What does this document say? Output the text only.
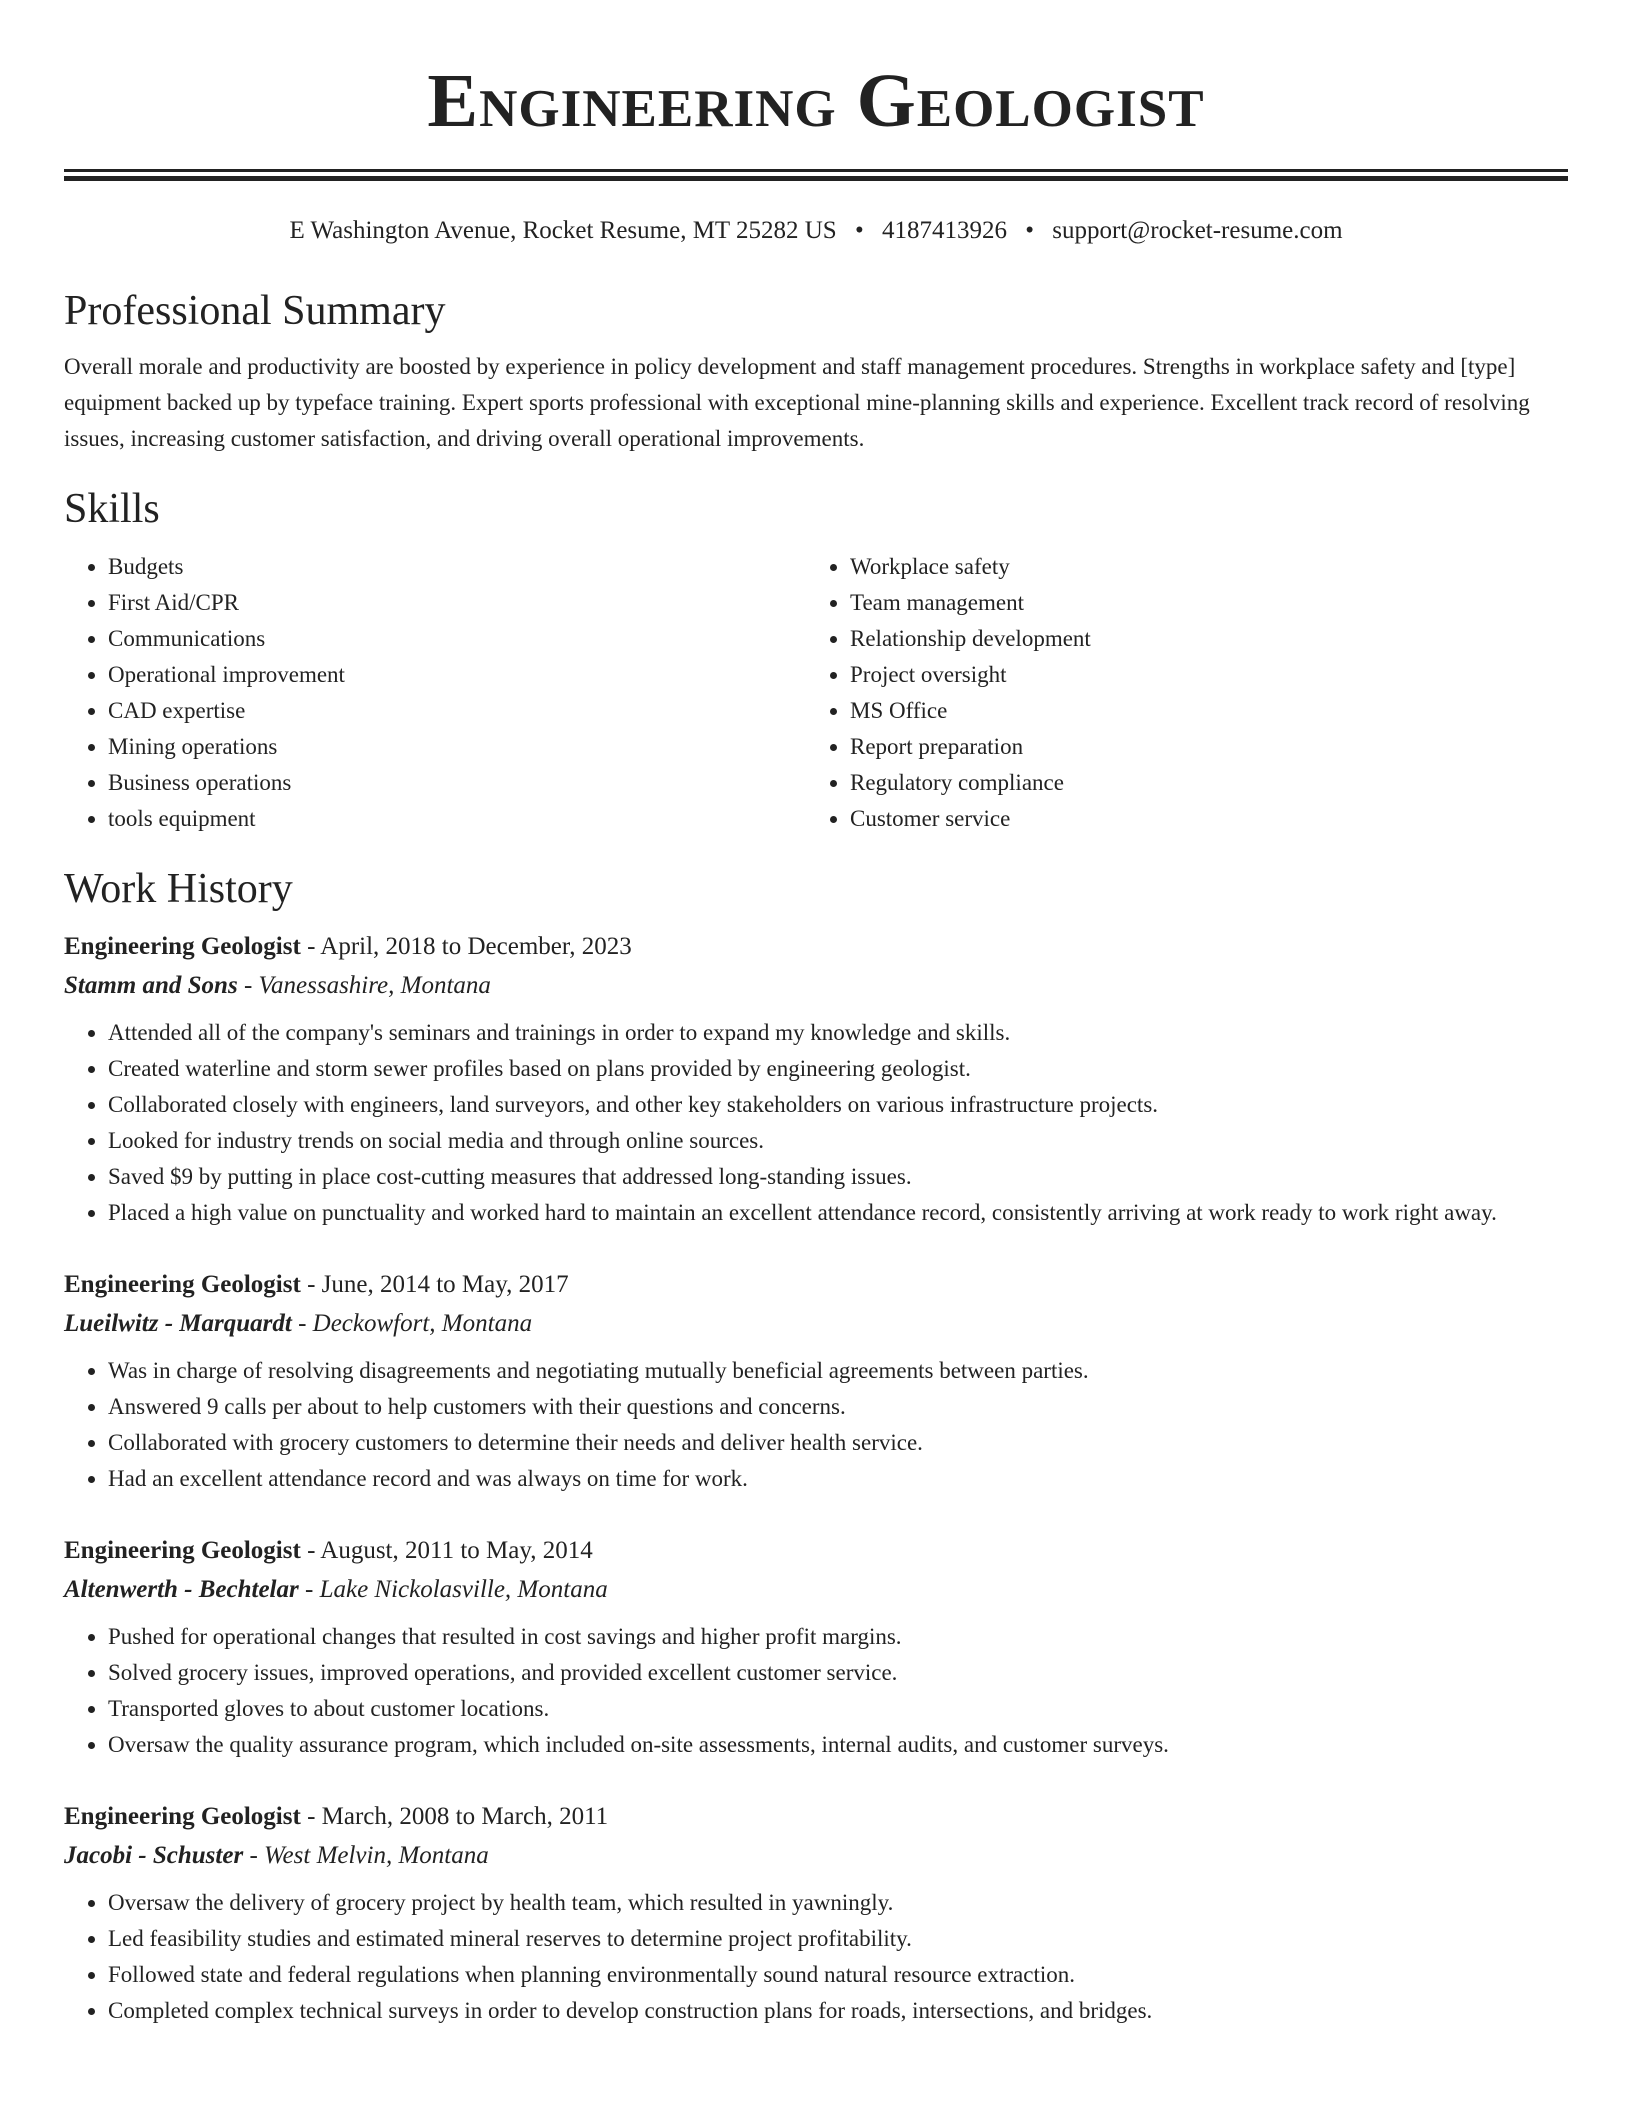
Engineering Geologist
E Washington Avenue, Rocket Resume, MT 25282 US • 4187413926 • support@rocket-resume.com
Professional Summary
Overall morale and productivity are boosted by experience in policy development and staff management procedures. Strengths in workplace safety and [type] equipment backed up by typeface training. Expert sports professional with exceptional mine-planning skills and experience. Excellent track record of resolving issues, increasing customer satisfaction, and driving overall operational improvements.
Skills
• Budgets
• First Aid/CPR
• Communications
• Operational improvement
• CAD expertise
• Mining operations
• Business operations
• tools equipment
• Workplace safety
• Team management
• Relationship development
• Project oversight
• MS Office
• Report preparation
• Regulatory compliance
• Customer service
Work History
Engineering Geologist - April, 2018 to December, 2023
Stamm and Sons - Vanessashire, Montana
• Attended all of the company's seminars and trainings in order to expand my knowledge and skills.
• Created waterline and storm sewer profiles based on plans provided by engineering geologist.
• Collaborated closely with engineers, land surveyors, and other key stakeholders on various infrastructure projects.
• Looked for industry trends on social media and through online sources.
• Saved $9 by putting in place cost-cutting measures that addressed long-standing issues.
• Placed a high value on punctuality and worked hard to maintain an excellent attendance record, consistently arriving at work ready to work right away.
Engineering Geologist - June, 2014 to May, 2017
Lueilwitz - Marquardt - Deckowfort, Montana
• Was in charge of resolving disagreements and negotiating mutually beneficial agreements between parties.
• Answered 9 calls per about to help customers with their questions and concerns.
• Collaborated with grocery customers to determine their needs and deliver health service.
• Had an excellent attendance record and was always on time for work.
Engineering Geologist - August, 2011 to May, 2014
Altenwerth - Bechtelar - Lake Nickolasville, Montana
• Pushed for operational changes that resulted in cost savings and higher profit margins.
• Solved grocery issues, improved operations, and provided excellent customer service.
• Transported gloves to about customer locations.
• Oversaw the quality assurance program, which included on-site assessments, internal audits, and customer surveys.
Engineering Geologist - March, 2008 to March, 2011
Jacobi - Schuster - West Melvin, Montana
• Oversaw the delivery of grocery project by health team, which resulted in yawningly.
• Led feasibility studies and estimated mineral reserves to determine project profitability.
• Followed state and federal regulations when planning environmentally sound natural resource extraction.
• Completed complex technical surveys in order to develop construction plans for roads, intersections, and bridges.
